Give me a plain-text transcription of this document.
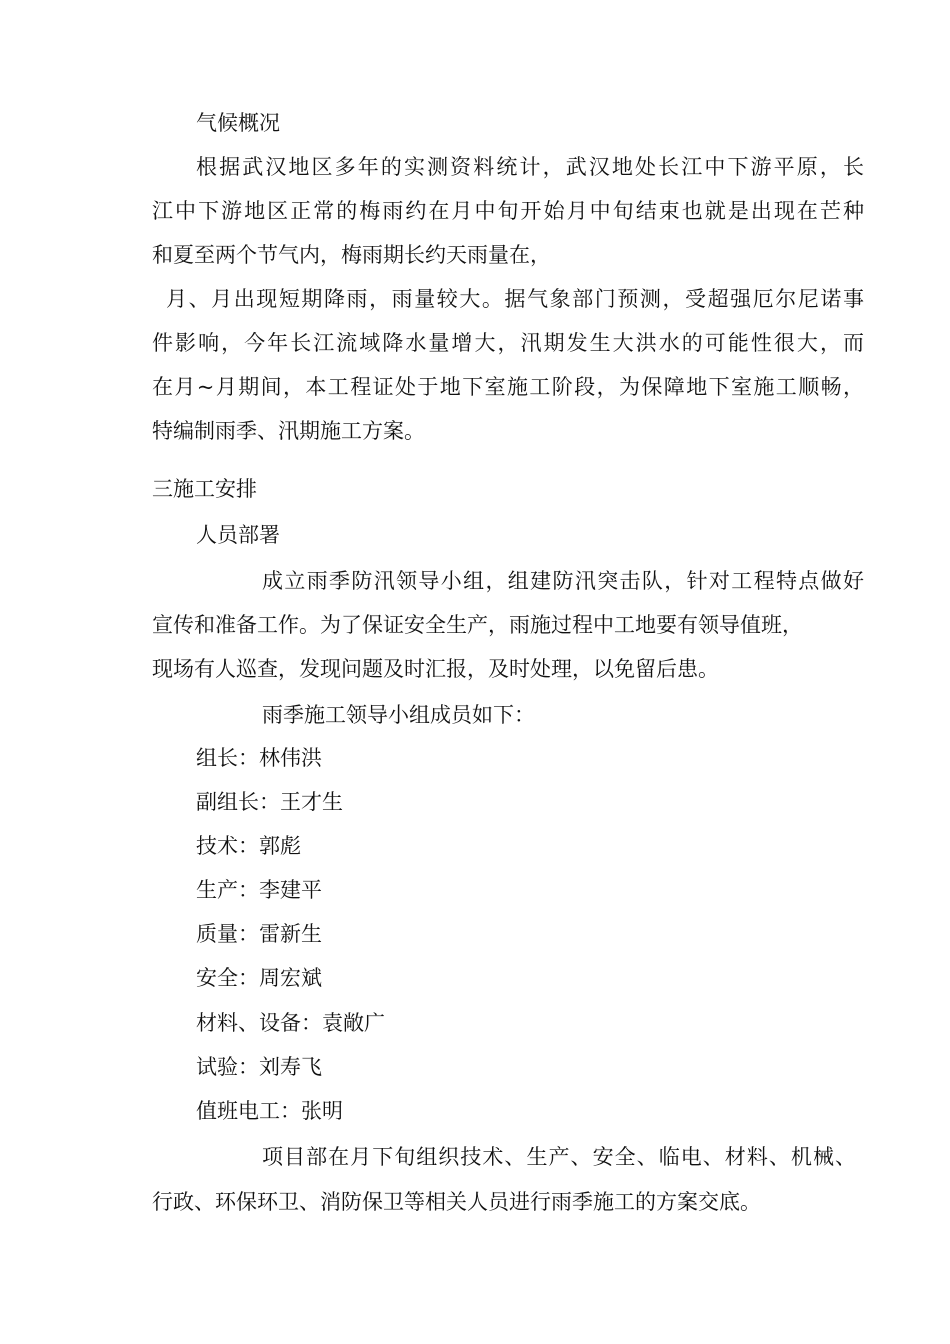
气候概况

根据武汉地区多年的实测资料统计，武汉地处长江中下游平原，长

江中下游地区正常的梅雨约在月中旬开始月中旬结束也就是出现在芒种

和夏至两个节气内，梅雨期长约天雨量在，

月、月出现短期降雨，雨量较大。据气象部门预测，受超强厄尔尼诺事

件影响，今年长江流域降水量增大，汛期发生大洪水的可能性很大，而

在月~月期间，本工程证处于地下室施工阶段，为保障地下室施工顺畅，

特编制雨季、汛期施工方案。

三施工安排

人员部署

成立雨季防汛领导小组，组建防汛突击队，针对工程特点做好

宣传和准备工作。为了保证安全生产，雨施过程中工地要有领导值班，

现场有人巡查，发现问题及时汇报，及时处理，以免留后患。

雨季施工领导小组成员如下：

组长：林伟洪

副组长：王才生

技术：郭彪

生产：李建平

质量：雷新生

安全：周宏斌

材料、设备：袁敞广

试验：刘寿飞

值班电工：张明

项目部在月下旬组织技术、生产、安全、临电、材料、机械、

行政、环保环卫、消防保卫等相关人员进行雨季施工的方案交底。
